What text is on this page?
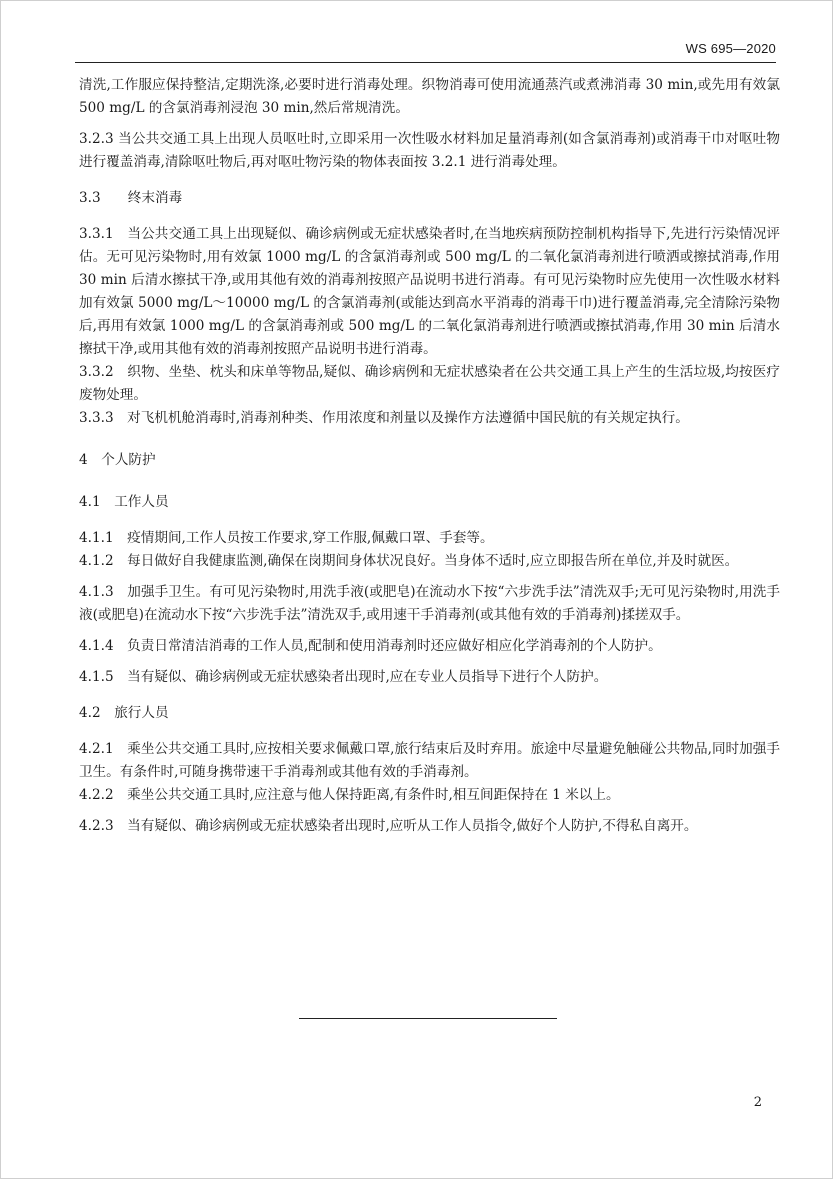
WS 695—2020

清洗,工作服应保持整洁,定期洗涤,必要时进行消毒处理。织物消毒可使用流通蒸汽或煮沸消毒 30 min,或先用有效氯 500 mg/L 的含氯消毒剂浸泡 30 min,然后常规清洗。

3.2.3 当公共交通工具上出现人员呕吐时,立即采用一次性吸水材料加足量消毒剂(如含氯消毒剂)或消毒干巾对呕吐物进行覆盖消毒,清除呕吐物后,再对呕吐物污染的物体表面按 3.2.1 进行消毒处理。

3.3　　终末消毒

3.3.1　当公共交通工具上出现疑似、确诊病例或无症状感染者时,在当地疾病预防控制机构指导下,先进行污染情况评估。无可见污染物时,用有效氯 1000 mg/L 的含氯消毒剂或 500 mg/L 的二氧化氯消毒剂进行喷洒或擦拭消毒,作用 30 min 后清水擦拭干净,或用其他有效的消毒剂按照产品说明书进行消毒。有可见污染物时应先使用一次性吸水材料加有效氯 5000 mg/L～10000 mg/L 的含氯消毒剂(或能达到高水平消毒的消毒干巾)进行覆盖消毒,完全清除污染物后,再用有效氯 1000 mg/L 的含氯消毒剂或 500 mg/L 的二氧化氯消毒剂进行喷洒或擦拭消毒,作用 30 min 后清水擦拭干净,或用其他有效的消毒剂按照产品说明书进行消毒。

3.3.2　织物、坐垫、枕头和床单等物品,疑似、确诊病例和无症状感染者在公共交通工具上产生的生活垃圾,均按医疗废物处理。

3.3.3　对飞机机舱消毒时,消毒剂种类、作用浓度和剂量以及操作方法遵循中国民航的有关规定执行。

4　个人防护

4.1　工作人员

4.1.1　疫情期间,工作人员按工作要求,穿工作服,佩戴口罩、手套等。

4.1.2　每日做好自我健康监测,确保在岗期间身体状况良好。当身体不适时,应立即报告所在单位,并及时就医。

4.1.3　加强手卫生。有可见污染物时,用洗手液(或肥皂)在流动水下按“六步洗手法”清洗双手;无可见污染物时,用洗手液(或肥皂)在流动水下按“六步洗手法”清洗双手,或用速干手消毒剂(或其他有效的手消毒剂)揉搓双手。

4.1.4　负责日常清洁消毒的工作人员,配制和使用消毒剂时还应做好相应化学消毒剂的个人防护。

4.1.5　当有疑似、确诊病例或无症状感染者出现时,应在专业人员指导下进行个人防护。

4.2　旅行人员

4.2.1　乘坐公共交通工具时,应按相关要求佩戴口罩,旅行结束后及时弃用。旅途中尽量避免触碰公共物品,同时加强手卫生。有条件时,可随身携带速干手消毒剂或其他有效的手消毒剂。

4.2.2　乘坐公共交通工具时,应注意与他人保持距离,有条件时,相互间距保持在 1 米以上。

4.2.3　当有疑似、确诊病例或无症状感染者出现时,应听从工作人员指令,做好个人防护,不得私自离开。

2
